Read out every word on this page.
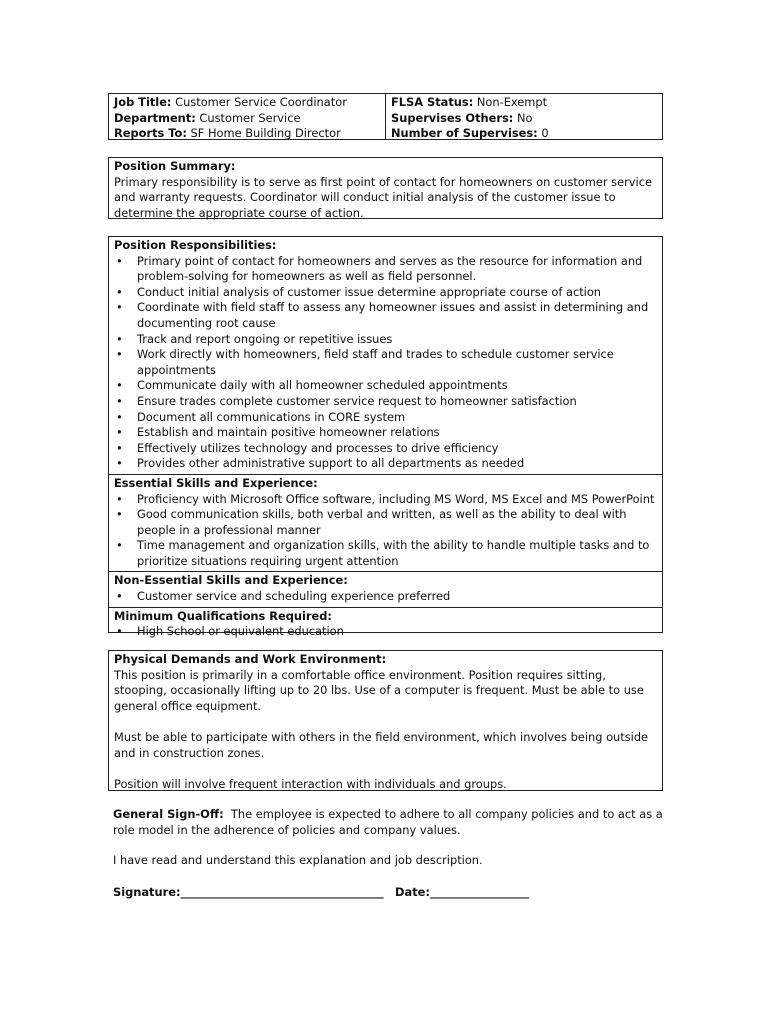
Job Title: Customer Service Coordinator
Department: Customer Service
Reports To: SF Home Building Director
FLSA Status: Non-Exempt
Supervises Others: No
Number of Supervises: 0
Position Summary:
Primary responsibility is to serve as first point of contact for homeowners on customer service and warranty requests. Coordinator will conduct initial analysis of the customer issue to determine the appropriate course of action.
Position Responsibilities:
• Primary point of contact for homeowners and serves as the resource for information and problem-solving for homeowners as well as field personnel.
• Conduct initial analysis of customer issue determine appropriate course of action
• Coordinate with field staff to assess any homeowner issues and assist in determining and documenting root cause
• Track and report ongoing or repetitive issues
• Work directly with homeowners, field staff and trades to schedule customer service appointments
• Communicate daily with all homeowner scheduled appointments
• Ensure trades complete customer service request to homeowner satisfaction
• Document all communications in CORE system
• Establish and maintain positive homeowner relations
• Effectively utilizes technology and processes to drive efficiency
• Provides other administrative support to all departments as needed
Essential Skills and Experience:
• Proficiency with Microsoft Office software, including MS Word, MS Excel and MS PowerPoint
• Good communication skills, both verbal and written, as well as the ability to deal with people in a professional manner
• Time management and organization skills, with the ability to handle multiple tasks and to prioritize situations requiring urgent attention
Non-Essential Skills and Experience:
• Customer service and scheduling experience preferred
Minimum Qualifications Required:
• High School or equivalent education
Physical Demands and Work Environment:

This position is primarily in a comfortable office environment. Position requires sitting, stooping, occasionally lifting up to 20 lbs. Use of a computer is frequent. Must be able to use general office equipment.

Must be able to participate with others in the field environment, which involves being outside and in construction zones.

Position will involve frequent interaction with individuals and groups.

General Sign-Off: The employee is expected to adhere to all company policies and to act as a role model in the adherence of policies and company values.
I have read and understand this explanation and job description.
Signature:_______________________________________ Date:___________________
